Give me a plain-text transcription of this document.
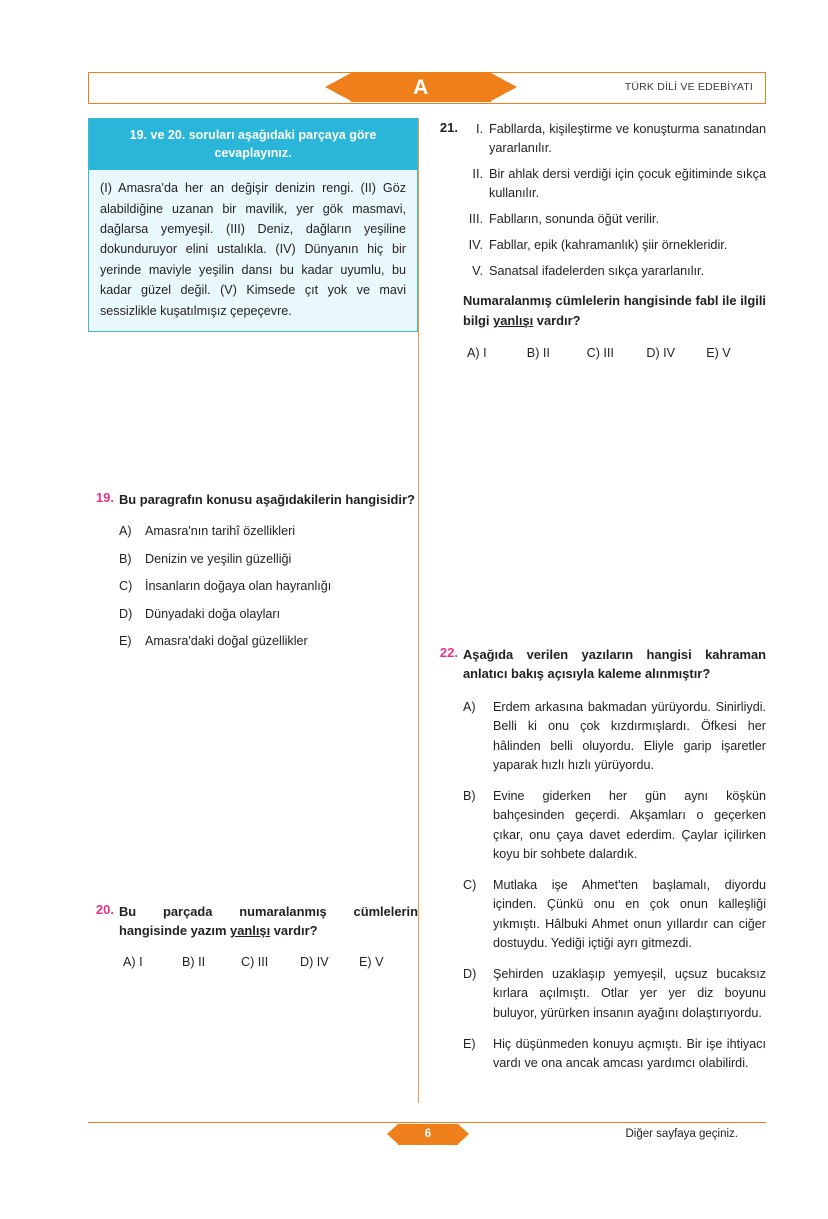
A	TÜRK DİLİ VE EDEBİYATI
19. ve 20. soruları aşağıdaki parçaya göre cevaplayınız.
(I) Amasra'da her an değişir denizin rengi. (II) Göz alabildiğine uzanan bir mavilik, yer gök masmavi, dağlarsa yemyeşil. (III) Deniz, dağların yeşiline dokunduruyor elini ustalıkla. (IV) Dünyanın hiç bir yerinde maviyle yeşilin dansı bu kadar uyumlu, bu kadar güzel değil. (V) Kimsede çıt yok ve mavi sessizlikle kuşatılmışız çepeçevre.
19. Bu paragrafın konusu aşağıdakilerin hangisidir?
A) Amasra'nın tarihî özellikleri
B) Denizin ve yeşilin güzelliği
C) İnsanların doğaya olan hayranlığı
D) Dünyadaki doğa olayları
E) Amasra'daki doğal güzellikler
20. Bu parçada numaralanmış cümlelerin hangisinde yazım yanlışı vardır?
A) I	B) II	C) III	D) IV	E) V
21.	I. Fabllarda, kişileştirme ve konuşturma sanatından yararlanılır.
II. Bir ahlak dersi verdiği için çocuk eğitiminde sıkça kullanılır.
III. Fablların, sonunda öğüt verilir.
IV. Fabllar, epik (kahramanlık) şiir örnekleridir.
V. Sanatsal ifadelerden sıkça yararlanılır.
Numaralanmış cümlelerin hangisinde fabl ile ilgili bilgi yanlışı vardır?
A) I	B) II	C) III	D) IV	E) V
22. Aşağıda verilen yazıların hangisi kahraman anlatıcı bakış açısıyla kaleme alınmıştır?
A) Erdem arkasına bakmadan yürüyordu. Sinirliydi. Belli ki onu çok kızdırmışlardı. Öfkesi her hâlinden belli oluyordu. Eliyle garip işaretler yaparak hızlı hızlı yürüyordu.
B) Evine giderken her gün aynı köşkün bahçesinden geçerdi. Akşamları o geçerken çıkar, onu çaya davet ederdim. Çaylar içilirken koyu bir sohbete dalardık.
C) Mutlaka işe Ahmet'ten başlamalı, diyordu içinden. Çünkü onu en çok onun kalleşliği yıkmıştı. Hâlbuki Ahmet onun yıllardır can ciğer dostuydu. Yediği içtiği ayrı gitmezdi.
D) Şehirden uzaklaşıp yemyeşil, uçsuz bucaksız kırlara açılmıştı. Otlar yer yer diz boyunu buluyor, yürürken insanın ayağını dolaştırıyordu.
E) Hiç düşünmeden konuyu açmıştı. Bir işe ihtiyacı vardı ve ona ancak amcası yardımcı olabilirdi.
6	Diğer sayfaya geçiniz.
